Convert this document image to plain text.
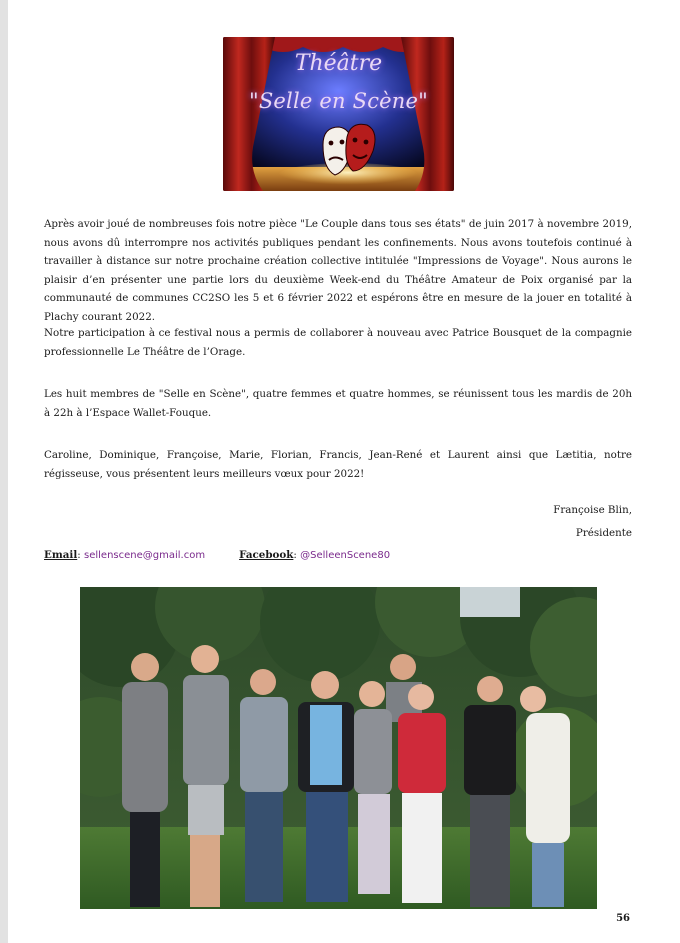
Théâtre
"Selle en Scène"
Après avoir joué de nombreuses fois notre pièce "Le Couple dans tous ses états" de juin 2017 à novembre 2019, nous avons dû interrompre nos activités publiques pendant les confinements. Nous avons toutefois continué à travailler à distance sur notre prochaine création collective intitulée "Impressions de Voyage". Nous aurons le plaisir d’en présenter une partie lors du deuxième Week-end du Théâtre Amateur de Poix organisé par la communauté de communes CC2SO les 5 et 6 février 2022 et espérons être en mesure de la jouer en totalité à Plachy courant 2022.
Notre participation à ce festival nous a permis de collaborer à nouveau avec Patrice Bousquet de la compagnie professionnelle Le Théâtre de l’Orage.
Les huit membres de "Selle en Scène", quatre femmes et quatre hommes, se réunissent tous les mardis de 20h à 22h à l’Espace Wallet-Fouque.
Caroline, Dominique, Françoise, Marie, Florian, Francis, Jean-René et Laurent ainsi que Lætitia, notre régisseuse, vous présentent leurs meilleurs vœux pour 2022!
Françoise Blin,
Présidente
Email: sellenscene@gmail.com	Facebook: @SelleenScene80
56
